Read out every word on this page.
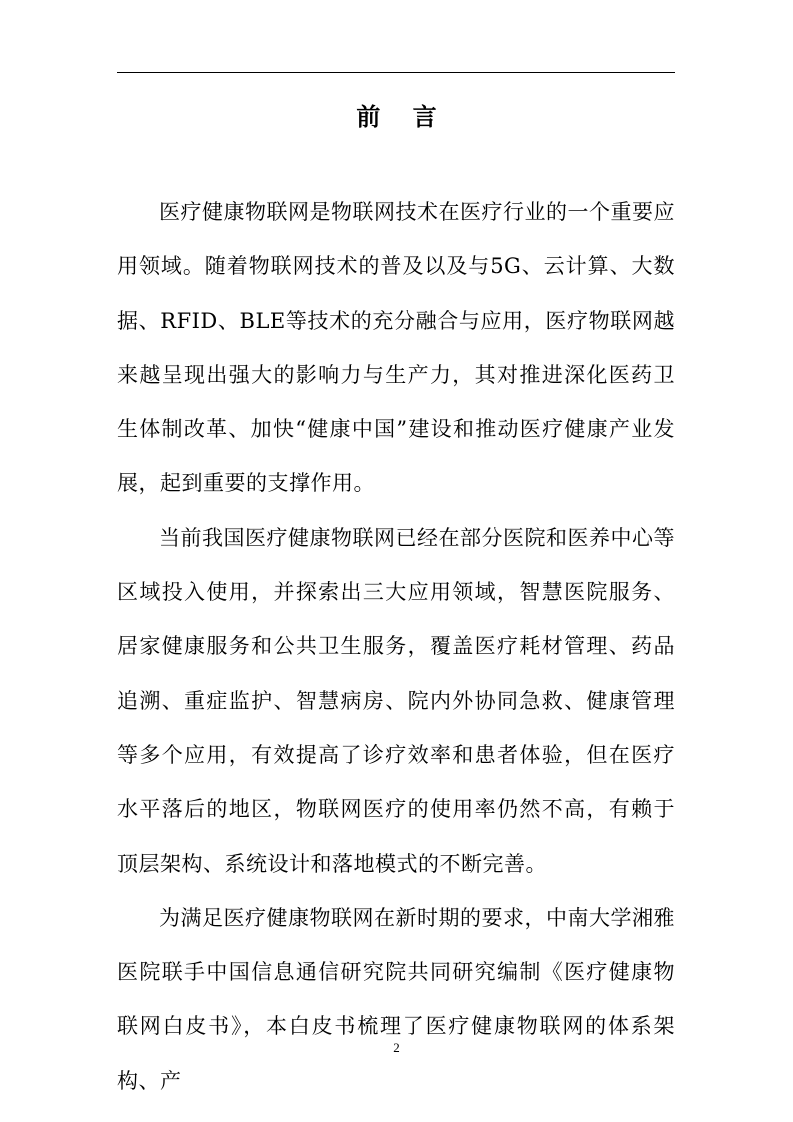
前 言

医疗健康物联网是物联网技术在医疗行业的一个重要应用领域。随着物联网技术的普及以及与5G、云计算、大数据、RFID、BLE等技术的充分融合与应用，医疗物联网越来越呈现出强大的影响力与生产力，其对推进深化医药卫生体制改革、加快“健康中国”建设和推动医疗健康产业发展，起到重要的支撑作用。

当前我国医疗健康物联网已经在部分医院和医养中心等区域投入使用，并探索出三大应用领域，智慧医院服务、居家健康服务和公共卫生服务，覆盖医疗耗材管理、药品追溯、重症监护、智慧病房、院内外协同急救、健康管理等多个应用，有效提高了诊疗效率和患者体验，但在医疗水平落后的地区，物联网医疗的使用率仍然不高，有赖于顶层架构、系统设计和落地模式的不断完善。

为满足医疗健康物联网在新时期的要求，中南大学湘雅医院联手中国信息通信研究院共同研究编制《医疗健康物联网白皮书》，本白皮书梳理了医疗健康物联网的体系架构、产

2
